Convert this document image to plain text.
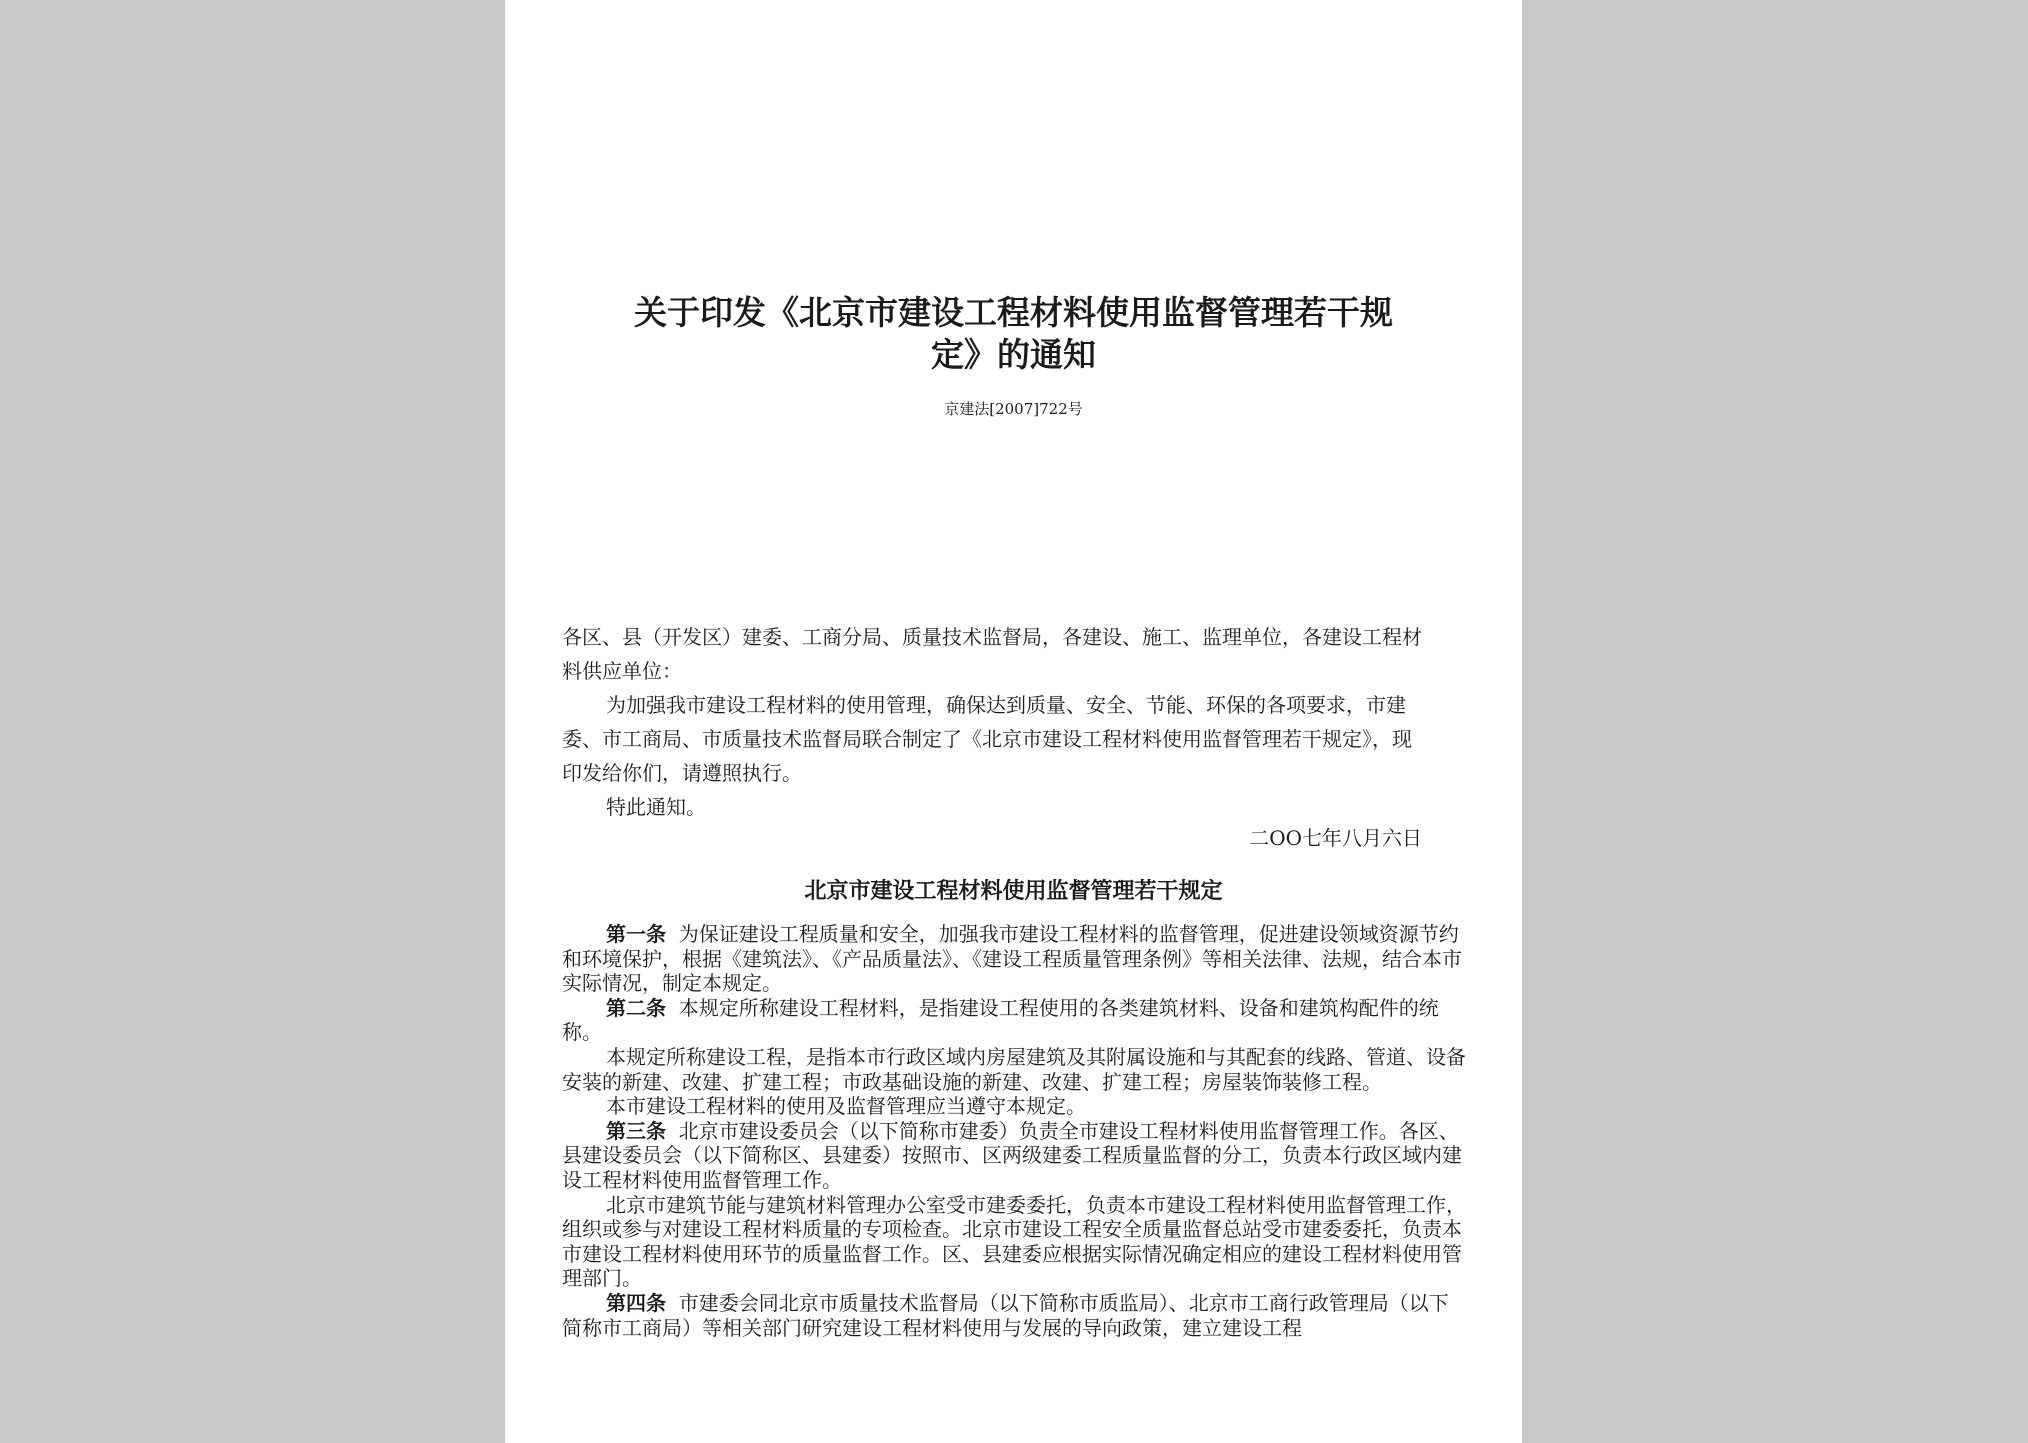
关于印发《北京市建设工程材料使用监督管理若干规
定》的通知
京建法[2007]722号

各区、县（开发区）建委、工商分局、质量技术监督局，各建设、施工、监理单位，各建设工程材料供应单位：

为加强我市建设工程材料的使用管理，确保达到质量、安全、节能、环保的各项要求，市建委、市工商局、市质量技术监督局联合制定了《北京市建设工程材料使用监督管理若干规定》，现印发给你们，请遵照执行。

特此通知。

二OO七年八月六日
北京市建设工程材料使用监督管理若干规定

第一条 为保证建设工程质量和安全，加强我市建设工程材料的监督管理，促进建设领域资源节约和环境保护，根据《建筑法》、《产品质量法》、《建设工程质量管理条例》等相关法律、法规，结合本市实际情况，制定本规定。

第二条 本规定所称建设工程材料，是指建设工程使用的各类建筑材料、设备和建筑构配件的统称。

本规定所称建设工程，是指本市行政区域内房屋建筑及其附属设施和与其配套的线路、管道、设备安装的新建、改建、扩建工程；市政基础设施的新建、改建、扩建工程；房屋装饰装修工程。

本市建设工程材料的使用及监督管理应当遵守本规定。

第三条 北京市建设委员会（以下简称市建委）负责全市建设工程材料使用监督管理工作。各区、县建设委员会（以下简称区、县建委）按照市、区两级建委工程质量监督的分工，负责本行政区域内建设工程材料使用监督管理工作。

北京市建筑节能与建筑材料管理办公室受市建委委托，负责本市建设工程材料使用监督管理工作，组织或参与对建设工程材料质量的专项检查。北京市建设工程安全质量监督总站受市建委委托，负责本市建设工程材料使用环节的质量监督工作。区、县建委应根据实际情况确定相应的建设工程材料使用管理部门。

第四条 市建委会同北京市质量技术监督局（以下简称市质监局）、北京市工商行政管理局（以下简称市工商局）等相关部门研究建设工程材料使用与发展的导向政策，建立建设工程
